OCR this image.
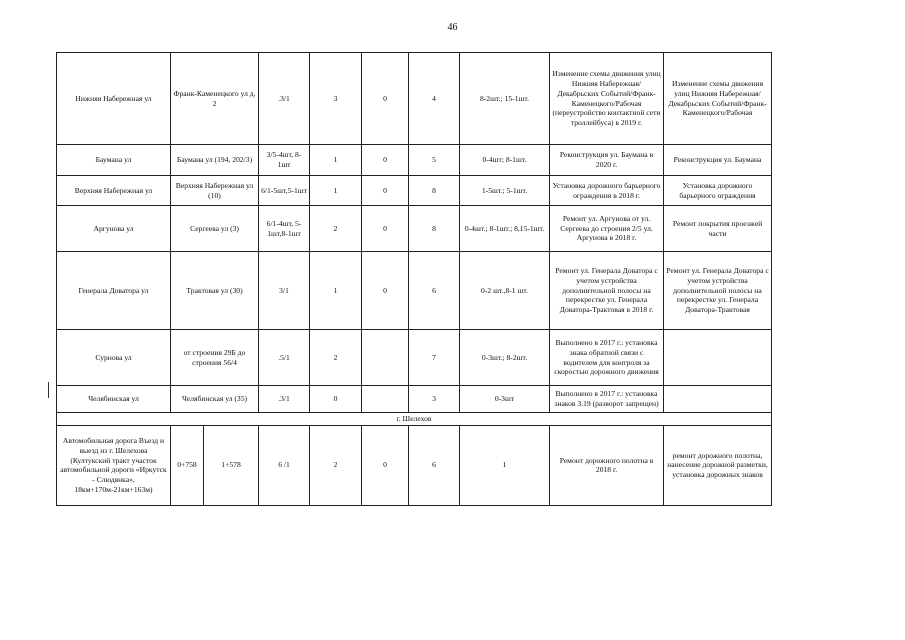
46
Нижняя Набережная ул	Франк-Каменецкого ул д. 2		.3/1	3	0	4	8-2шт.; 15-1шт.	Изменение схемы движения улиц Нижняя Набережная/Декабрьских Событий/Франк-Каменецкого/Рабочая (переустройство контактной сети троллейбуса) в 2019 г.	Изменение схемы движения улиц Нижняя Набережная/Декабрьских Событий/Франк-Каменецкого/Рабочая
Баумана ул	Баумана ул (194, 202/3)		3/5-4шт, 8-1шт	1	0	5	0-4шт; 8-1шт.	Реконструкция ул. Баумана в 2020 г.	Реконструкция ул. Баумана
Верхняя Набережная ул	Верхняя Набережная ул (10)		6/1-5шт,5-1шт	1	0	8	1-5шт.; 5-1шт.	Установка дорожного барьерного ограждения в 2018 г.	Установка дорожного барьерного ограждения
Аргунова ул	Сергеева ул (3)		6/1-4шт, 5-1шт,8-1шт	2	0	8	0-4шт.; 8-1шт.; 8,15-1шт.	Ремонт ул. Аргунова от ул. Сергеева до строения 2/5 ул. Аргунова в 2018 г.	Ремонт покрытия проезжей части
Генерала Доватора ул	Трактовая ул (30)		3/1	1	0	6	0-2 шт.,8-1 шт.	Ремонт ул. Генерала Доватора с учетом устройства дополнительной полосы на перекрестке ул. Генерала Доватора-Трактовая в 2018 г.	Ремонт ул. Генерала Доватора с учетом устройства дополнительной полосы на перекрестке ул. Генерала Доватора-Трактовая
Сурнова ул	от строения 29Б до строения 56/4		.5/1	2		7	0-3шт.; 8-2шт.	Выполнено в 2017 г.: установка знака обратной связи с водителем для контроля за скоростью дорожного движения	
Челябинская ул	Челябинская ул (35)		.3/1	0		3	0-3шт	Выполнено в 2017 г.: установка знаков 3.19 (разворот запрещен)	
г. Шелехов									
Автомобильная дорога Въезд и выезд из г. Шелехова (Култукский тракт участок автомобильной дороги «Иркутск - Слюдянка», 18км+170м-21км+163м)	0+758	1+578	6 /1	2	0	6	1	Ремонт дорожного полотна в 2018 г.	ремонт дорожного полотна, нанесение дорожной разметки, установка дорожных знаков
